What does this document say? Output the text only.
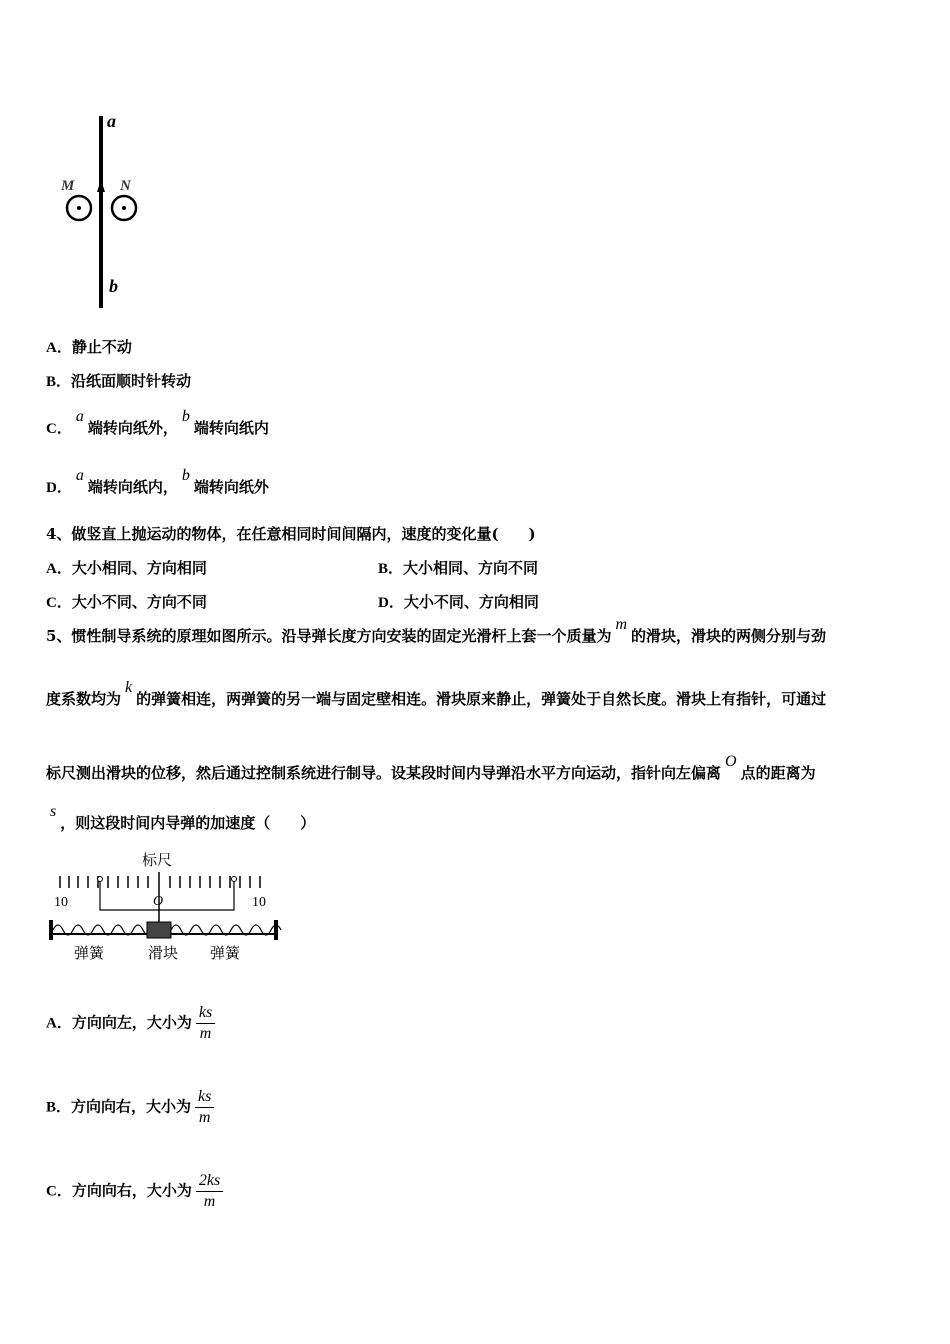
a
b
M	N
A．静止不动
B．沿纸面顺时针转动
C．a端转向纸外，b端转向纸内
D．a端转向纸内，b端转向纸外
4、做竖直上抛运动的物体，在任意相同时间间隔内，速度的变化量(　　)
A．大小相同、方向相同	B．大小相同、方向不同
C．大小不同、方向不同	D．大小不同、方向相同
5、惯性制导系统的原理如图所示。沿导弹长度方向安装的固定光滑杆上套一个质量为m的滑块，滑块的两侧分别与劲
度系数均为k的弹簧相连，两弹簧的另一端与固定壁相连。滑块原来静止，弹簧处于自然长度。滑块上有指针，可通过
标尺测出滑块的位移，然后通过控制系统进行制导。设某段时间内导弹沿水平方向运动，指针向左偏离O点的距离为
s，则这段时间内导弹的加速度（　　）
标尺
10	O	10
弹簧	滑块 弹簧
A．方向向左，大小为 $\frac{ks}{m}$
B．方向向右，大小为 $\frac{ks}{m}$
C．方向向右，大小为 $\frac{2ks}{m}$
